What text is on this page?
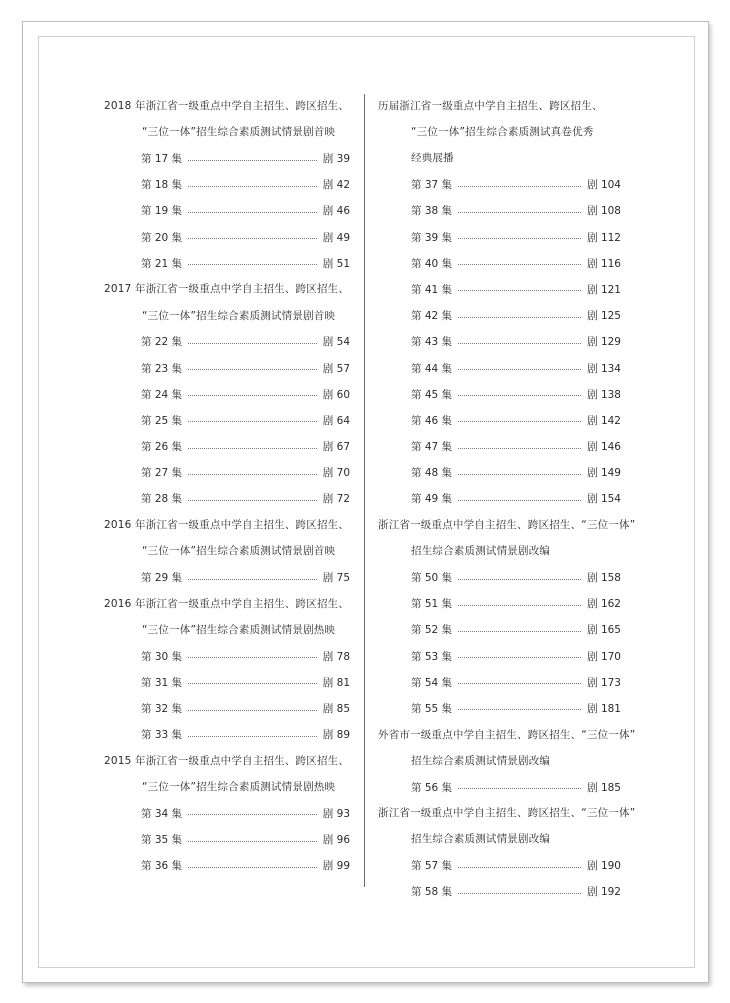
2018 年浙江省一级重点中学自主招生、跨区招生、
“三位一体”招生综合素质测试情景剧首映
第 17 集	剧 39
第 18 集	剧 42
第 19 集	剧 46
第 20 集	剧 49
第 21 集	剧 51
2017 年浙江省一级重点中学自主招生、跨区招生、
“三位一体”招生综合素质测试情景剧首映
第 22 集	剧 54
第 23 集	剧 57
第 24 集	剧 60
第 25 集	剧 64
第 26 集	剧 67
第 27 集	剧 70
第 28 集	剧 72
2016 年浙江省一级重点中学自主招生、跨区招生、
“三位一体”招生综合素质测试情景剧首映
第 29 集	剧 75
2016 年浙江省一级重点中学自主招生、跨区招生、
“三位一体”招生综合素质测试情景剧热映
第 30 集	剧 78
第 31 集	剧 81
第 32 集	剧 85
第 33 集	剧 89
2015 年浙江省一级重点中学自主招生、跨区招生、
“三位一体”招生综合素质测试情景剧热映
第 34 集	剧 93
第 35 集	剧 96
第 36 集	剧 99
历届浙江省一级重点中学自主招生、跨区招生、
“三位一体”招生综合素质测试真卷优秀
经典展播
第 37 集	剧 104
第 38 集	剧 108
第 39 集	剧 112
第 40 集	剧 116
第 41 集	剧 121
第 42 集	剧 125
第 43 集	剧 129
第 44 集	剧 134
第 45 集	剧 138
第 46 集	剧 142
第 47 集	剧 146
第 48 集	剧 149
第 49 集	剧 154
浙江省一级重点中学自主招生、跨区招生、“三位一体”
招生综合素质测试情景剧改编
第 50 集	剧 158
第 51 集	剧 162
第 52 集	剧 165
第 53 集	剧 170
第 54 集	剧 173
第 55 集	剧 181
外省市一级重点中学自主招生、跨区招生、“三位一体”
招生综合素质测试情景剧改编
第 56 集	剧 185
浙江省一级重点中学自主招生、跨区招生、“三位一体”
招生综合素质测试情景剧改编
第 57 集	剧 190
第 58 集	剧 192
